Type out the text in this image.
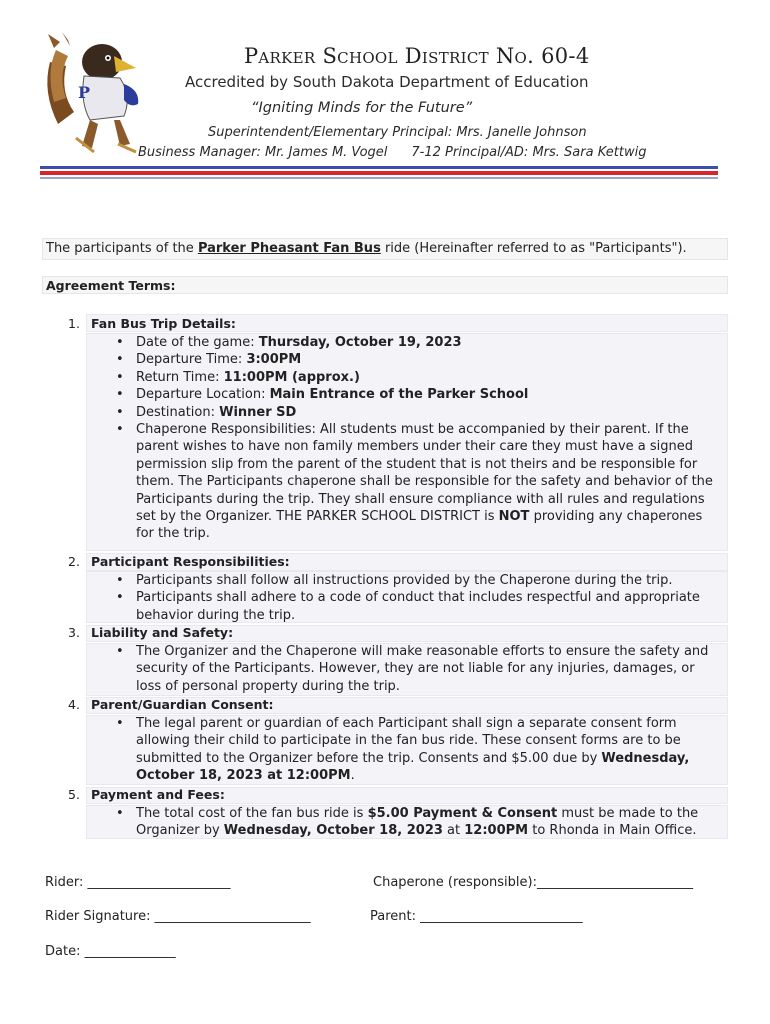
P
Parker School District No. 60-4
Accredited by South Dakota Department of Education
“Igniting Minds for the Future”
Superintendent/Elementary Principal: Mrs. Janelle Johnson
Business Manager: Mr. James M. Vogel 7-12 Principal/AD: Mrs. Sara Kettwig
The participants of the Parker Pheasant Fan Bus ride (Hereinafter referred to as "Participants").
Agreement Terms:
1. Fan Bus Trip Details:
• Date of the game: Thursday, October 19, 2023
• Departure Time: 3:00PM
• Return Time: 11:00PM (approx.)
• Departure Location: Main Entrance of the Parker School
• Destination: Winner SD
• Chaperone Responsibilities: All students must be accompanied by their parent. If the parent wishes to have non family members under their care they must have a signed permission slip from the parent of the student that is not theirs and be responsible for them. The Participants chaperone shall be responsible for the safety and behavior of the Participants during the trip. They shall ensure compliance with all rules and regulations set by the Organizer. THE PARKER SCHOOL DISTRICT is NOT providing any chaperones for the trip.
2. Participant Responsibilities:
• Participants shall follow all instructions provided by the Chaperone during the trip.
• Participants shall adhere to a code of conduct that includes respectful and appropriate behavior during the trip.
3. Liability and Safety:
• The Organizer and the Chaperone will make reasonable efforts to ensure the safety and security of the Participants. However, they are not liable for any injuries, damages, or loss of personal property during the trip.
4. Parent/Guardian Consent:
• The legal parent or guardian of each Participant shall sign a separate consent form allowing their child to participate in the fan bus ride. These consent forms are to be submitted to the Organizer before the trip. Consents and $5.00 due by Wednesday, October 18, 2023 at 12:00PM.
5. Payment and Fees:
• The total cost of the fan bus ride is $5.00 Payment & Consent must be made to the Organizer by Wednesday, October 18, 2023 at 12:00PM to Rhonda in Main Office.
Rider: ______________________	Chaperone (responsible):________________________
Rider Signature: ________________________	Parent: _________________________
Date: ______________
